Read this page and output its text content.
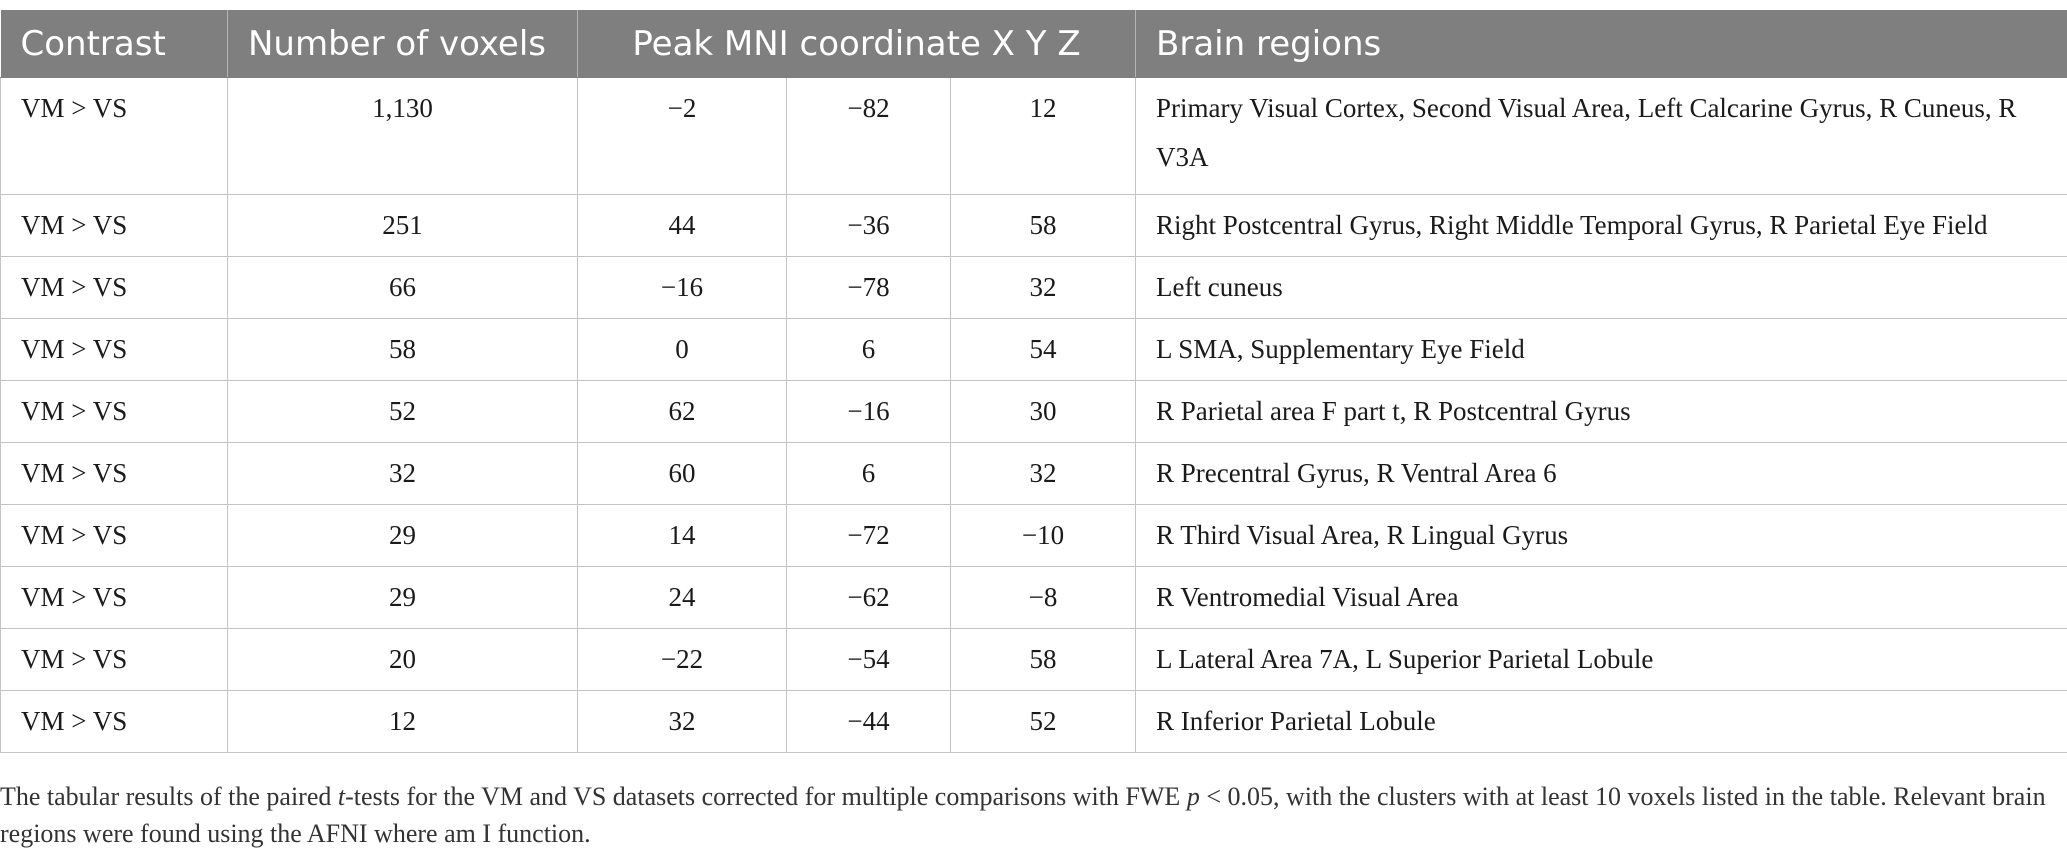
Contrast	Number of voxels	Peak MNI coordinate X Y Z			Brain regions
VM > VS	1,130	−2	−82	12	Primary Visual Cortex, Second Visual Area, Left Calcarine Gyrus, R Cuneus, R V3A
VM > VS	251	44	−36	58	Right Postcentral Gyrus, Right Middle Temporal Gyrus, R Parietal Eye Field
VM > VS	66	−16	−78	32	Left cuneus
VM > VS	58	0	6	54	L SMA, Supplementary Eye Field
VM > VS	52	62	−16	30	R Parietal area F part t, R Postcentral Gyrus
VM > VS	32	60	6	32	R Precentral Gyrus, R Ventral Area 6
VM > VS	29	14	−72	−10	R Third Visual Area, R Lingual Gyrus
VM > VS	29	24	−62	−8	R Ventromedial Visual Area
VM > VS	20	−22	−54	58	L Lateral Area 7A, L Superior Parietal Lobule
VM > VS	12	32	−44	52	R Inferior Parietal Lobule

The tabular results of the paired t-tests for the VM and VS datasets corrected for multiple comparisons with FWE p < 0.05, with the clusters with at least 10 voxels listed in the table. Relevant brain regions were found using the AFNI where am I function.
